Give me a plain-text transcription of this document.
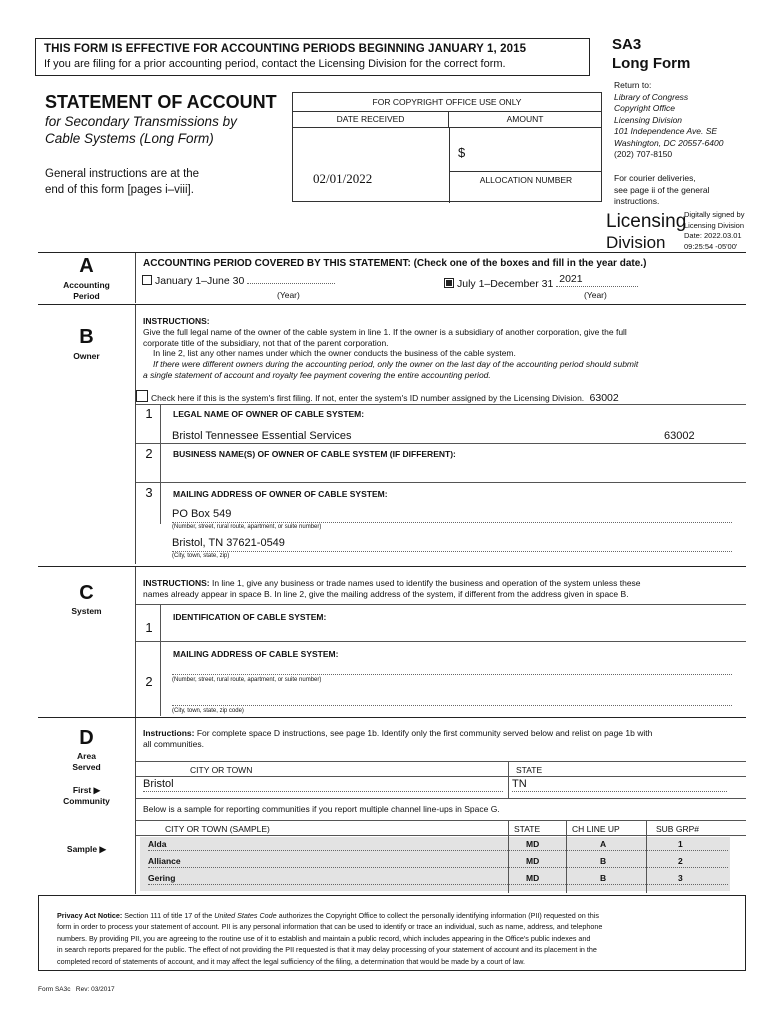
THIS FORM IS EFFECTIVE FOR ACCOUNTING PERIODS BEGINNING JANUARY 1, 2015
If you are filing for a prior accounting period, contact the Licensing Division for the correct form.
SA3
Long Form
STATEMENT OF ACCOUNT
for Secondary Transmissions by
Cable Systems (Long Form)
General instructions are at the
end of this form [pages i–viii].
FOR COPYRIGHT OFFICE USE ONLY
DATE RECEIVED	AMOUNT
$
02/01/2022	ALLOCATION NUMBER
Return to:
Library of Congress
Copyright Office
Licensing Division
101 Independence Ave. SE
Washington, DC 20557-6400
(202) 707-8150
For courier deliveries,
see page ii of the general
instructions.
Licensing
Division
Digitally signed by
Licensing Division
Date: 2022.03.01
09:25:54 -05'00'
A
Accounting
Period
ACCOUNTING PERIOD COVERED BY THIS STATEMENT: (Check one of the boxes and fill in the year date.)
January 1–June 30
(Year)
July 1–December 31 2021
(Year)
B
Owner
INSTRUCTIONS:
Give the full legal name of the owner of the cable system in line 1. If the owner is a subsidiary of another corporation, give the full
corporate title of the subsidiary, not that of the parent corporation.
In line 2, list any other names under which the owner conducts the business of the cable system.
If there were different owners during the accounting period, only the owner on the last day of the accounting period should submit
a single statement of account and royalty fee payment covering the entire accounting period.
Check here if this is the system's first filing. If not, enter the system's ID number assigned by the Licensing Division. 63002
1	LEGAL NAME OF OWNER OF CABLE SYSTEM:
Bristol Tennessee Essential Services	63002
2	BUSINESS NAME(S) OF OWNER OF CABLE SYSTEM (IF DIFFERENT):
3	MAILING ADDRESS OF OWNER OF CABLE SYSTEM:
PO Box 549
(Number, street, rural route, apartment, or suite number)
Bristol, TN 37621-0549
(City, town, state, zip)
C
System
INSTRUCTIONS: In line 1, give any business or trade names used to identify the business and operation of the system unless these
names already appear in space B. In line 2, give the mailing address of the system, if different from the address given in space B.
1
IDENTIFICATION OF CABLE SYSTEM:
2
MAILING ADDRESS OF CABLE SYSTEM:
(Number, street, rural route, apartment, or suite number)
(City, town, state, zip code)
D
Area
Served
First ▶
Community
Sample ▶
Instructions: For complete space D instructions, see page 1b. Identify only the first community served below and relist on page 1b with
all communities.
CITY OR TOWN	STATE
Bristol	TN
Below is a sample for reporting communities if you report multiple channel line-ups in Space G.
CITY OR TOWN (SAMPLE)	STATE	CH LINE UP	SUB GRP#
Alda	MD	A	1
Alliance	MD	B	2
Gering	MD	B	3
Privacy Act Notice: Section 111 of title 17 of the United States Code authorizes the Copyright Office to collect the personally identifying information (PII) requested on this
form in order to process your statement of account. PII is any personal information that can be used to identify or trace an individual, such as name, address, and telephone
numbers. By providing PII, you are agreeing to the routine use of it to establish and maintain a public record, which includes appearing in the Office's public indexes and
in search reports prepared for the public. The effect of not providing the PII requested is that it may delay processing of your statement of account and its placement in the
completed record of statements of account, and it may affect the legal sufficiency of the filing, a determination that would be made by a court of law.
Form SA3c   Rev: 03/2017
